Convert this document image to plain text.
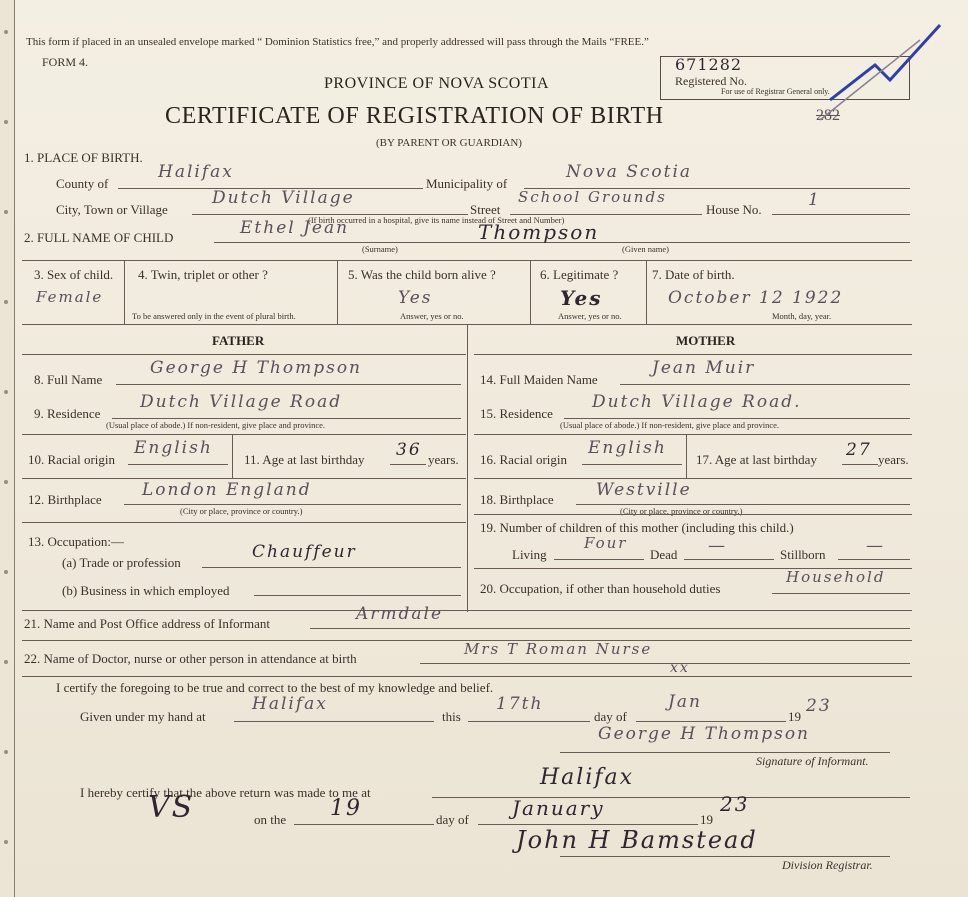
This form if placed in an unsealed envelope marked “ Dominion Statistics free,” and properly addressed will pass through the Mails “FREE.”
FORM 4.
PROVINCE OF NOVA SCOTIA
CERTIFICATE OF REGISTRATION OF BIRTH
(BY PARENT OR GUARDIAN)
282
671282
Registered No.
For use of Registrar General only.
1. PLACE OF BIRTH.
County of
Halifax
Municipality of
Nova Scotia
City, Town or Village
Dutch Village
Street
School Grounds
House No.	1
(If birth occurred in a hospital, give its name instead of Street and Number)
2. FULL NAME OF CHILD	Ethel Jean	Thompson
(Surname)	(Given name)
3. Sex of child.
Female
4. Twin, triplet or other ?
To be answered only in the event of plural birth.
5. Was the child born alive ?
Yes
Answer, yes or no.
6. Legitimate ?
Yes
Answer, yes or no.
7. Date of birth.
October 12 1922
Month, day, year.
FATHER	MOTHER
8. Full Name
George H Thompson
9. Residence
Dutch Village Road
(Usual place of abode.) If non-resident, give place and province.
10. Racial origin
English
11. Age at last birthday 36 years.
12. Birthplace London England
(City or place, province or country.)
13. Occupation:—
(a) Trade or profession
Chauffeur
(b) Business in which employed
14. Full Maiden Name
Jean Muir
15. Residence
Dutch Village Road.
(Usual place of abode.) If non-resident, give place and province.
16. Racial origin
English
17. Age at last birthday 27 years.
18. Birthplace Westville
(City or place, province or country.)
19. Number of children of this mother (including this child.)
Living
Four
Dead —	Stillborn —
20. Occupation, if other than household duties
Household
21. Name and Post Office address of Informant	Armdale
22. Name of Doctor, nurse or other person in attendance at birth
Mrs T Roman Nurse
xx
I certify the foregoing to be true and correct to the best of my knowledge and belief.
Given under my hand at
Halifax
this
17th
day of
Jan
19
23
George H Thompson
Signature of Informant.
I hereby certify that the above return was made to me at
Halifax
VS	on the 19	day of January	19
23
John H Bamstead
Division Registrar.
